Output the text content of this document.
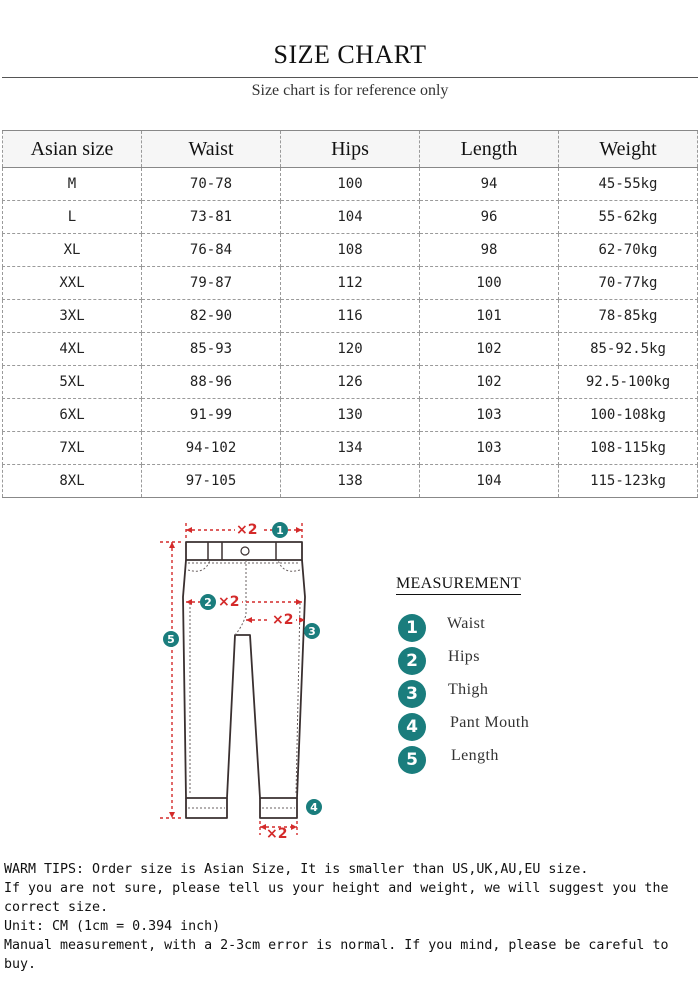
SIZE CHART
Size chart is for reference only
Asian size	Waist	Hips	Length	Weight
M	70-78	100	94	45-55kg
L	73-81	104	96	55-62kg
XL	76-84	108	98	62-70kg
XXL	79-87	112	100	70-77kg
3XL	82-90	116	101	78-85kg
4XL	85-93	120	102	85-92.5kg
5XL	88-96	126	102	92.5-100kg
6XL	91-99	130	103	100-108kg
7XL	94-102	134	103	108-115kg
8XL	97-105	138	104	115-123kg
×2
×2
×2
×2
1
2
3
4
5
MEASUREMENT
1	Waist
2	Hips
3	Thigh
4	Pant Mouth
5	Length

WARM TIPS: Order size is Asian Size, It is smaller than US,UK,AU,EU size.

If you are not sure, please tell us your height and weight, we will suggest you the correct size.

Unit: CM (1cm = 0.394 inch)

Manual measurement, with a 2-3cm error is normal. If you mind, please be careful to buy.
